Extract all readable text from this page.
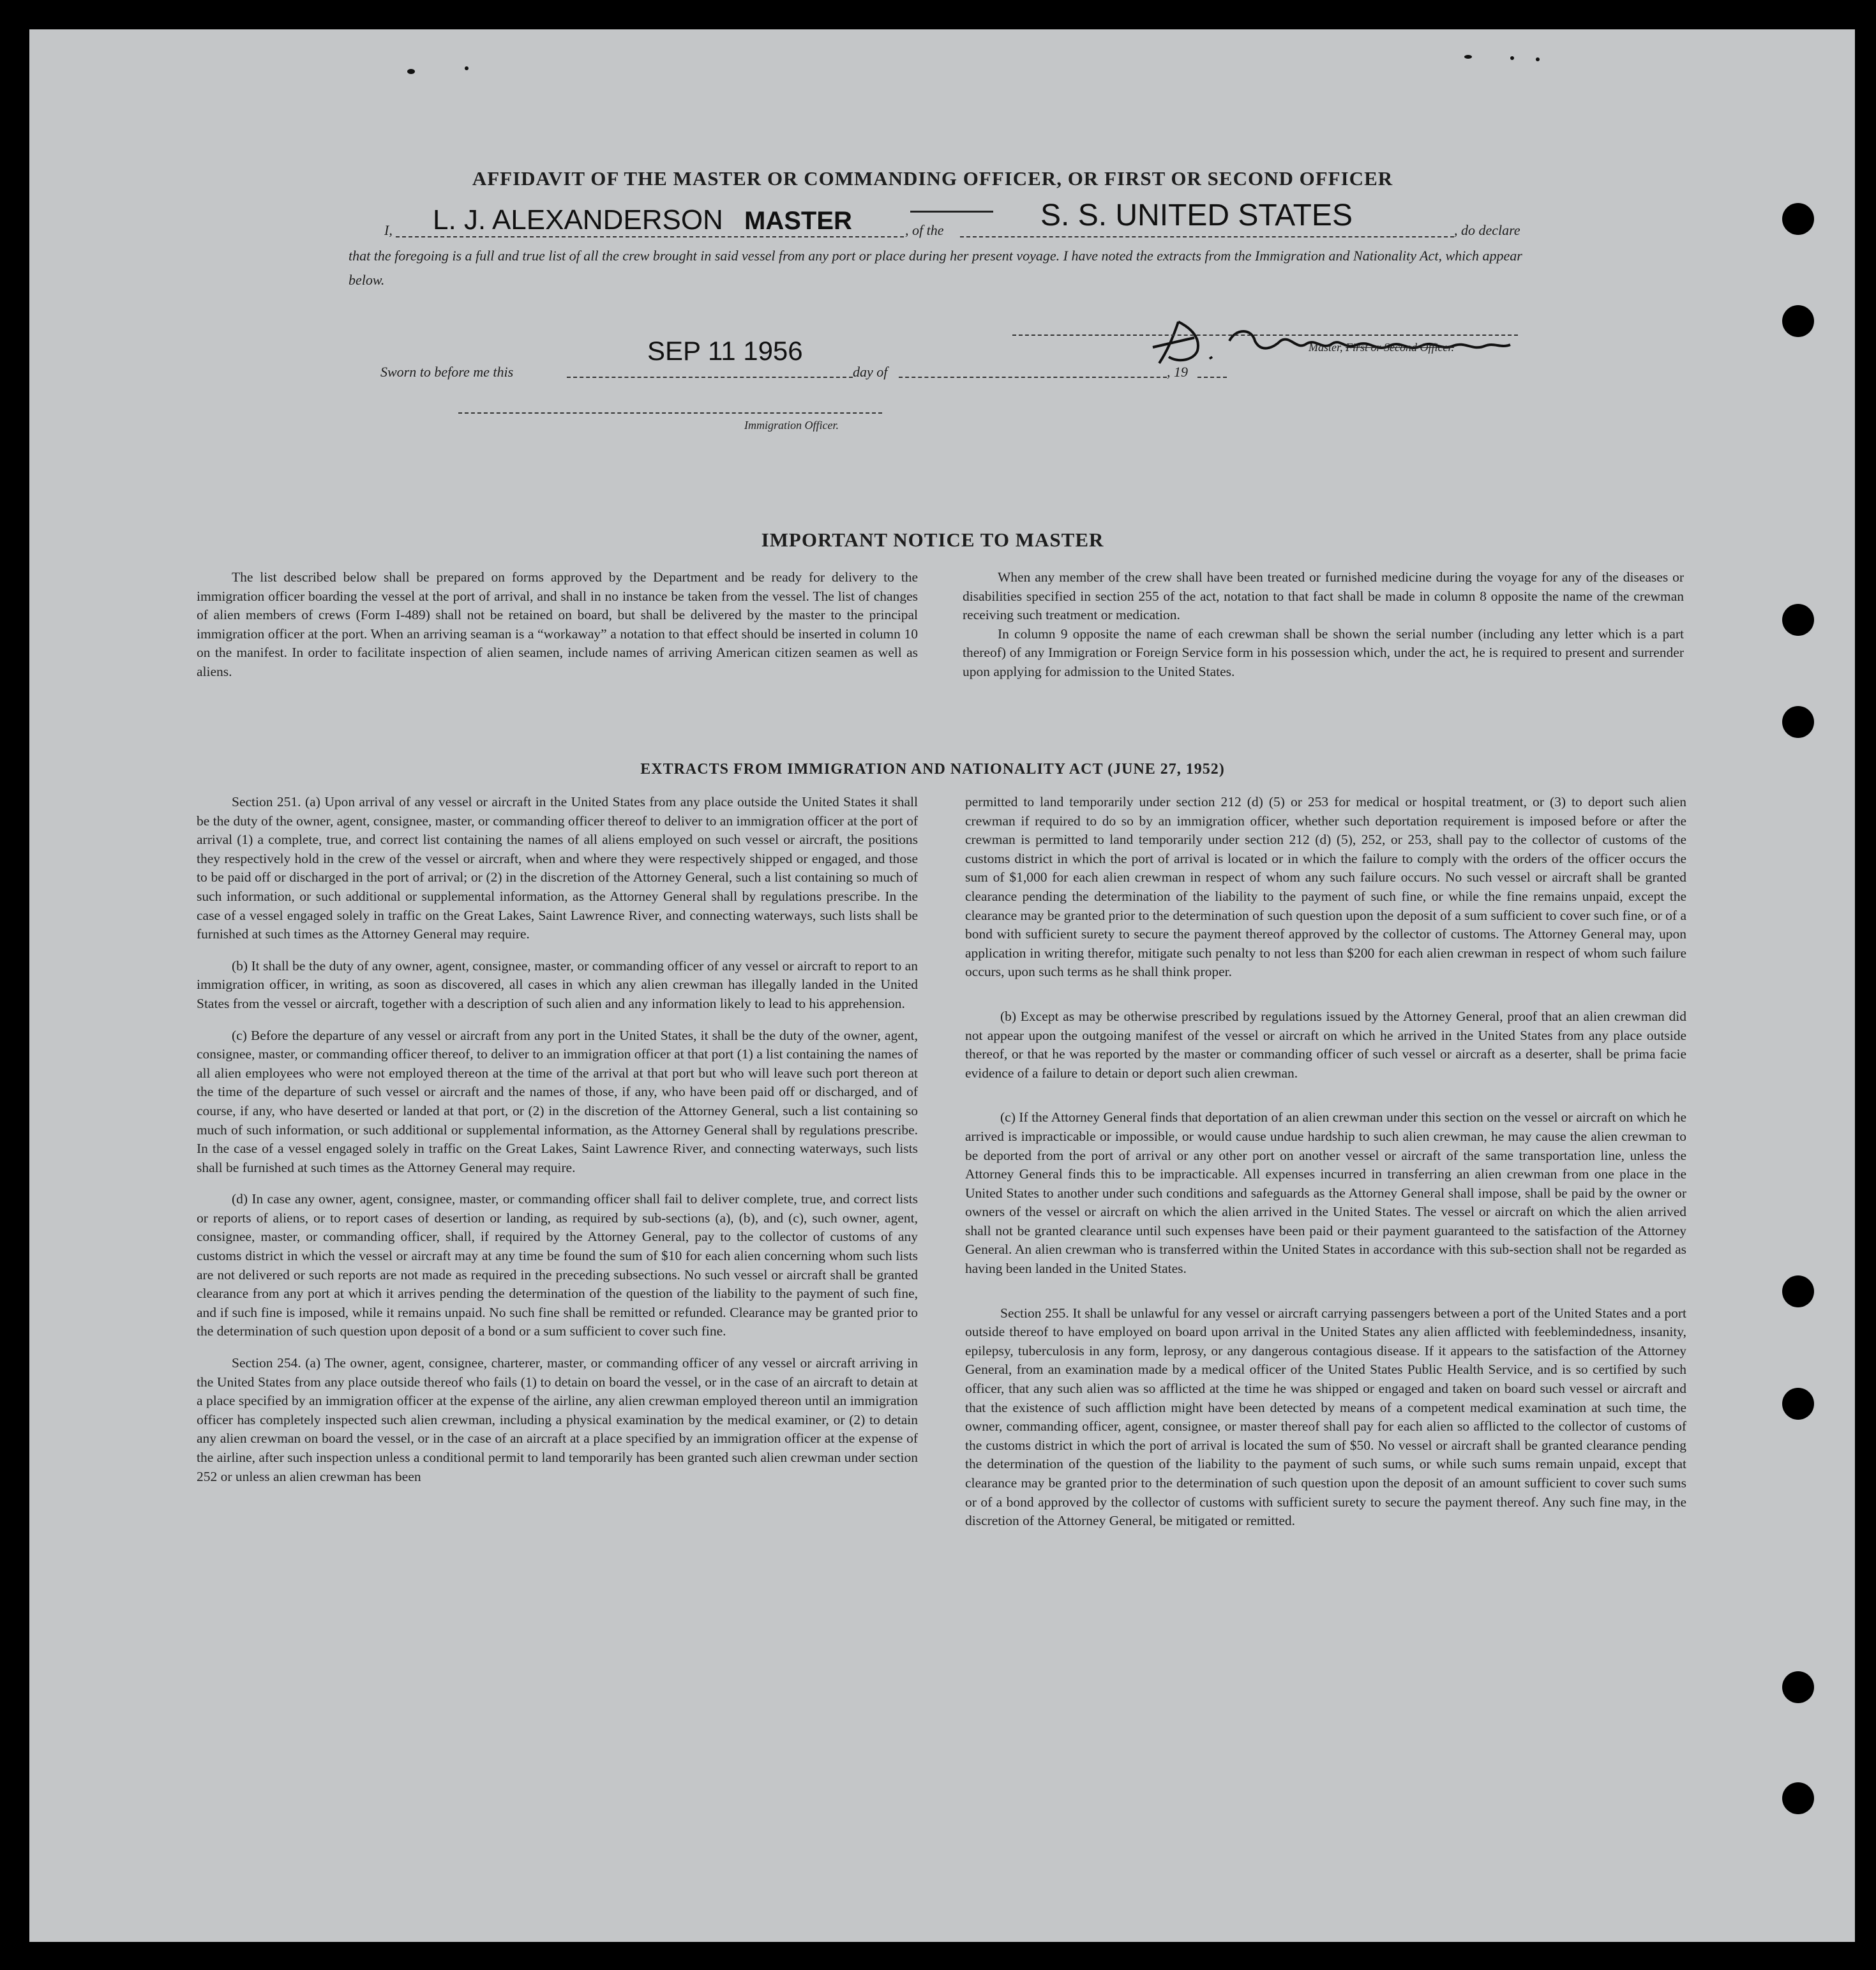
AFFIDAVIT OF THE MASTER OR COMMANDING OFFICER, OR FIRST OR SECOND OFFICER
I, L. J. ALEXANDERSON MASTER	, of the	S. S. UNITED STATES	, do declare
that the foregoing is a full and true list of all the crew brought in said vessel from any port or place during her present voyage. I have noted the extracts from the Immigration and Nationality Act, which appear below.
Master, First or Second Officer.
Sworn to before me this
SEP 11 1956
day of	, 19
Immigration Officer.
IMPORTANT NOTICE TO MASTER

The list described below shall be prepared on forms approved by the Department and be ready for delivery to the immigration officer boarding the vessel at the port of arrival, and shall in no instance be taken from the vessel. The list of changes of alien members of crews (Form I-489) shall not be retained on board, but shall be delivered by the master to the principal immigration officer at the port. When an arriving seaman is a “workaway” a notation to that effect should be inserted in column 10 on the manifest. In order to facilitate inspection of alien seamen, include names of arriving American citizen seamen as well as aliens.

When any member of the crew shall have been treated or furnished medicine during the voyage for any of the diseases or disabilities specified in section 255 of the act, notation to that fact shall be made in column 8 opposite the name of the crewman receiving such treatment or medication.

In column 9 opposite the name of each crewman shall be shown the serial number (including any letter which is a part thereof) of any Immigration or Foreign Service form in his possession which, under the act, he is required to present and surrender upon applying for admission to the United States.

EXTRACTS FROM IMMIGRATION AND NATIONALITY ACT (JUNE 27, 1952)

Section 251. (a) Upon arrival of any vessel or aircraft in the United States from any place outside the United States it shall be the duty of the owner, agent, consignee, master, or commanding officer thereof to deliver to an immigration officer at the port of arrival (1) a complete, true, and correct list containing the names of all aliens employed on such vessel or aircraft, the positions they respectively hold in the crew of the vessel or aircraft, when and where they were respectively shipped or engaged, and those to be paid off or discharged in the port of arrival; or (2) in the discretion of the Attorney General, such a list containing so much of such information, or such additional or supplemental information, as the Attorney General shall by regulations prescribe. In the case of a vessel engaged solely in traffic on the Great Lakes, Saint Lawrence River, and connecting waterways, such lists shall be furnished at such times as the Attorney General may require.

(b) It shall be the duty of any owner, agent, consignee, master, or commanding officer of any vessel or aircraft to report to an immigration officer, in writing, as soon as discovered, all cases in which any alien crewman has illegally landed in the United States from the vessel or aircraft, together with a description of such alien and any information likely to lead to his apprehension.

(c) Before the departure of any vessel or aircraft from any port in the United States, it shall be the duty of the owner, agent, consignee, master, or commanding officer thereof, to deliver to an immigration officer at that port (1) a list containing the names of all alien employees who were not employed thereon at the time of the arrival at that port but who will leave such port thereon at the time of the departure of such vessel or aircraft and the names of those, if any, who have been paid off or discharged, and of course, if any, who have deserted or landed at that port, or (2) in the discretion of the Attorney General, such a list containing so much of such information, or such additional or supplemental information, as the Attorney General shall by regulations prescribe. In the case of a vessel engaged solely in traffic on the Great Lakes, Saint Lawrence River, and connecting waterways, such lists shall be furnished at such times as the Attorney General may require.

(d) In case any owner, agent, consignee, master, or commanding officer shall fail to deliver complete, true, and correct lists or reports of aliens, or to report cases of desertion or landing, as required by sub-sections (a), (b), and (c), such owner, agent, consignee, master, or commanding officer, shall, if required by the Attorney General, pay to the collector of customs of any customs district in which the vessel or aircraft may at any time be found the sum of $10 for each alien concerning whom such lists are not delivered or such reports are not made as required in the preceding subsections. No such vessel or aircraft shall be granted clearance from any port at which it arrives pending the determination of the question of the liability to the payment of such fine, and if such fine is imposed, while it remains unpaid. No such fine shall be remitted or refunded. Clearance may be granted prior to the determination of such question upon deposit of a bond or a sum sufficient to cover such fine.

Section 254. (a) The owner, agent, consignee, charterer, master, or commanding officer of any vessel or aircraft arriving in the United States from any place outside thereof who fails (1) to detain on board the vessel, or in the case of an aircraft to detain at a place specified by an immigration officer at the expense of the airline, any alien crewman employed thereon until an immigration officer has completely inspected such alien crewman, including a physical examination by the medical examiner, or (2) to detain any alien crewman on board the vessel, or in the case of an aircraft at a place specified by an immigration officer at the expense of the airline, after such inspection unless a conditional permit to land temporarily has been granted such alien crewman under section 252 or unless an alien crewman has been

permitted to land temporarily under section 212 (d) (5) or 253 for medical or hospital treatment, or (3) to deport such alien crewman if required to do so by an immigration officer, whether such deportation requirement is imposed before or after the crewman is permitted to land temporarily under section 212 (d) (5), 252, or 253, shall pay to the collector of customs of the customs district in which the port of arrival is located or in which the failure to comply with the orders of the officer occurs the sum of $1,000 for each alien crewman in respect of whom any such failure occurs. No such vessel or aircraft shall be granted clearance pending the determination of the liability to the payment of such fine, or while the fine remains unpaid, except the clearance may be granted prior to the determination of such question upon the deposit of a sum sufficient to cover such fine, or of a bond with sufficient surety to secure the payment thereof approved by the collector of customs. The Attorney General may, upon application in writing therefor, mitigate such penalty to not less than $200 for each alien crewman in respect of whom such failure occurs, upon such terms as he shall think proper.

(b) Except as may be otherwise prescribed by regulations issued by the Attorney General, proof that an alien crewman did not appear upon the outgoing manifest of the vessel or aircraft on which he arrived in the United States from any place outside thereof, or that he was reported by the master or commanding officer of such vessel or aircraft as a deserter, shall be prima facie evidence of a failure to detain or deport such alien crewman.

(c) If the Attorney General finds that deportation of an alien crewman under this section on the vessel or aircraft on which he arrived is impracticable or impossible, or would cause undue hardship to such alien crewman, he may cause the alien crewman to be deported from the port of arrival or any other port on another vessel or aircraft of the same transportation line, unless the Attorney General finds this to be impracticable. All expenses incurred in transferring an alien crewman from one place in the United States to another under such conditions and safeguards as the Attorney General shall impose, shall be paid by the owner or owners of the vessel or aircraft on which the alien arrived in the United States. The vessel or aircraft on which the alien arrived shall not be granted clearance until such expenses have been paid or their payment guaranteed to the satisfaction of the Attorney General. An alien crewman who is transferred within the United States in accordance with this sub-section shall not be regarded as having been landed in the United States.

Section 255. It shall be unlawful for any vessel or aircraft carrying passengers between a port of the United States and a port outside thereof to have employed on board upon arrival in the United States any alien afflicted with feeblemindedness, insanity, epilepsy, tuberculosis in any form, leprosy, or any dangerous contagious disease. If it appears to the satisfaction of the Attorney General, from an examination made by a medical officer of the United States Public Health Service, and is so certified by such officer, that any such alien was so afflicted at the time he was shipped or engaged and taken on board such vessel or aircraft and that the existence of such affliction might have been detected by means of a competent medical examination at such time, the owner, commanding officer, agent, consignee, or master thereof shall pay for each alien so afflicted to the collector of customs of the customs district in which the port of arrival is located the sum of $50. No vessel or aircraft shall be granted clearance pending the determination of the question of the liability to the payment of such sums, or while such sums remain unpaid, except that clearance may be granted prior to the determination of such question upon the deposit of an amount sufficient to cover such sums or of a bond approved by the collector of customs with sufficient surety to secure the payment thereof. Any such fine may, in the discretion of the Attorney General, be mitigated or remitted.
